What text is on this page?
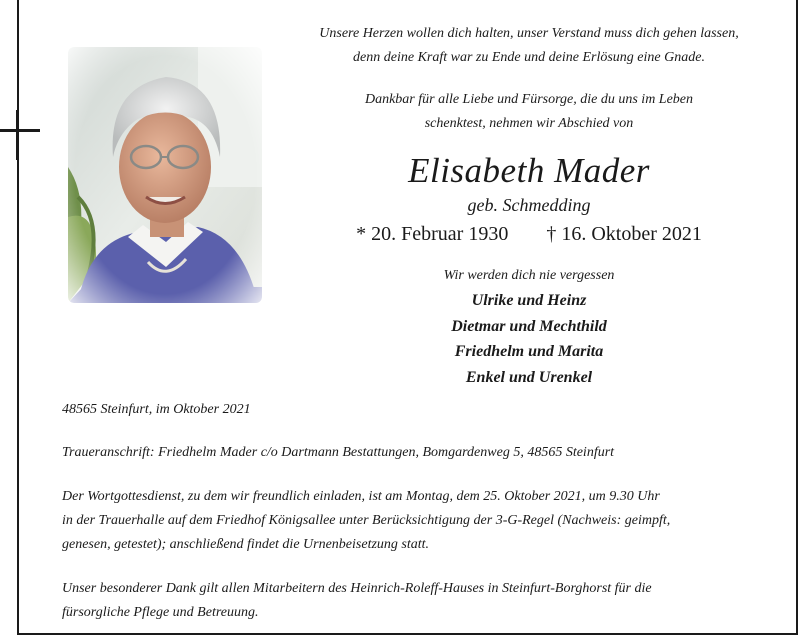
Unsere Herzen wollen dich halten, unser Verstand muss dich gehen lassen,
denn deine Kraft war zu Ende und deine Erlösung eine Gnade.
Dankbar für alle Liebe und Fürsorge, die du uns im Leben
schenktest, nehmen wir Abschied von
Elisabeth Mader
geb. Schmedding
* 20. Februar 1930 † 16. Oktober 2021
Wir werden dich nie vergessen
Ulrike und Heinz
Dietmar und Mechthild
Friedhelm und Marita
Enkel und Urenkel
48565 Steinfurt, im Oktober 2021
Traueranschrift: Friedhelm Mader c/o Dartmann Bestattungen, Bomgardenweg 5, 48565 Steinfurt
Der Wortgottesdienst, zu dem wir freundlich einladen, ist am Montag, dem 25. Oktober 2021, um 9.30 Uhr
in der Trauerhalle auf dem Friedhof Königsallee unter Berücksichtigung der 3-G-Regel (Nachweis: geimpft,
genesen, getestet); anschließend findet die Urnenbeisetzung statt.
Unser besonderer Dank gilt allen Mitarbeitern des Heinrich-Roleff-Hauses in Steinfurt-Borghorst für die
fürsorgliche Pflege und Betreuung.
